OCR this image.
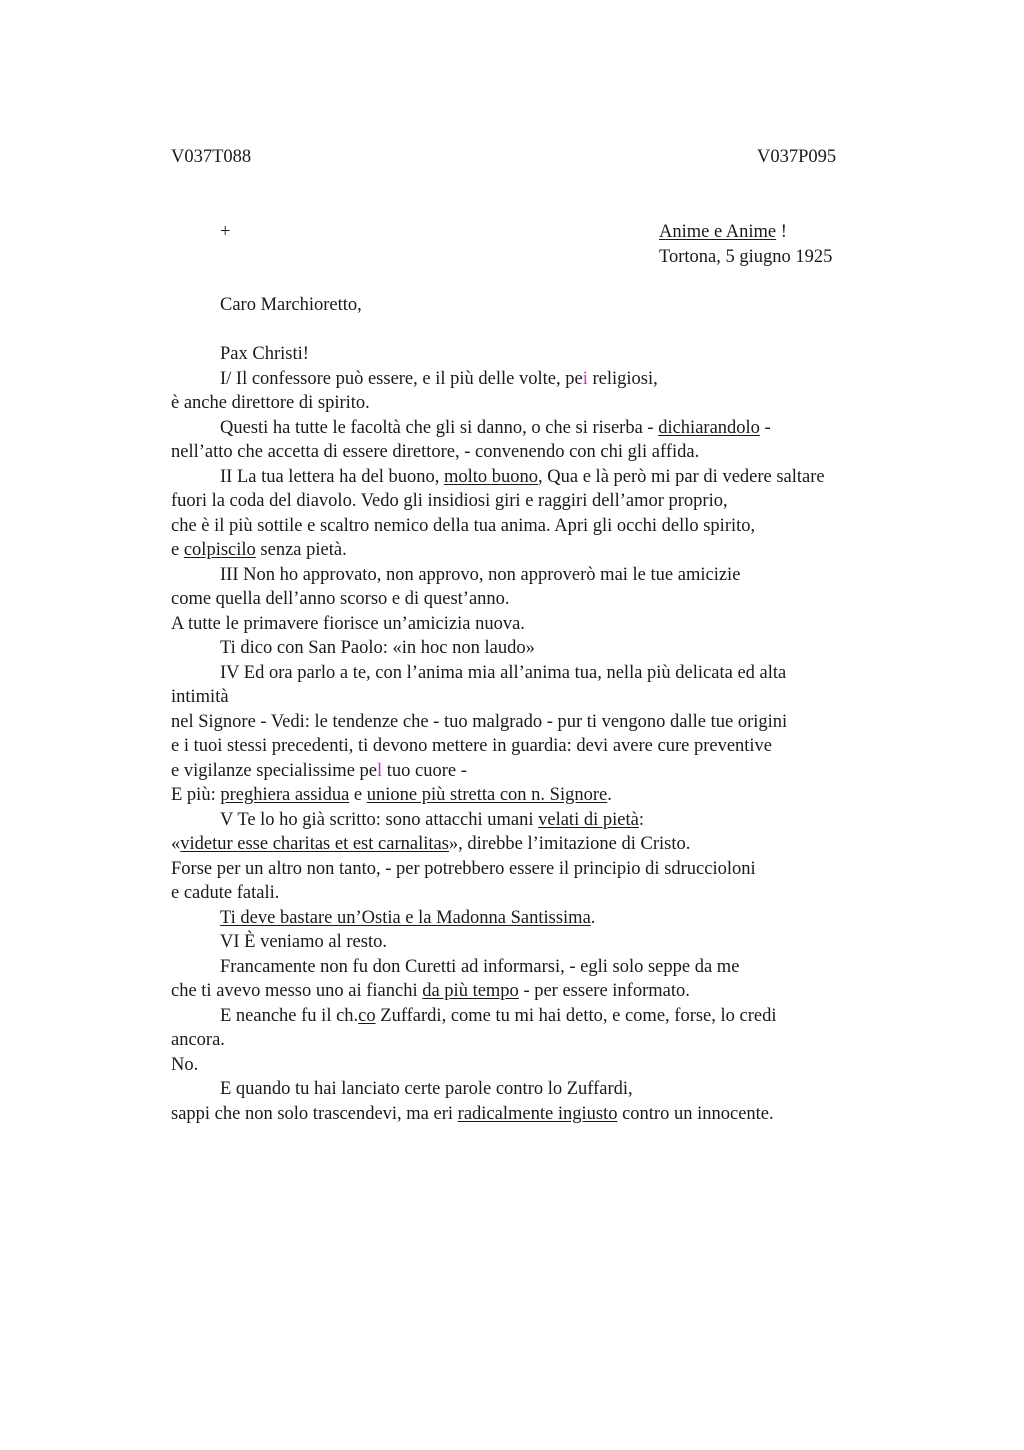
V037T088	V037P095
+	Anime e Anime !
Tortona, 5 giugno 1925
Caro Marchioretto,
Pax Christi!
I/ Il confessore può essere, e il più delle volte, pei religiosi,
è anche direttore di spirito.
Questi ha tutte le facoltà che gli si danno, o che si riserba - dichiarandolo -
nell’atto che accetta di essere direttore, - convenendo con chi gli affida.
II La tua lettera ha del buono, molto buono, Qua e là però mi par di vedere saltare
fuori la coda del diavolo. Vedo gli insidiosi giri e raggiri dell’amor proprio,
che è il più sottile e scaltro nemico della tua anima. Apri gli occhi dello spirito,
e colpiscilo senza pietà.
III Non ho approvato, non approvo, non approverò mai le tue amicizie
come quella dell’anno scorso e di quest’anno.
A tutte le primavere fiorisce un’amicizia nuova.
Ti dico con San Paolo: «in hoc non laudo»
IV Ed ora parlo a te, con l’anima mia all’anima tua, nella più delicata ed alta
intimità
nel Signore - Vedi: le tendenze che - tuo malgrado - pur ti vengono dalle tue origini
e i tuoi stessi precedenti, ti devono mettere in guardia: devi avere cure preventive
e vigilanze specialissime pel tuo cuore -
E più: preghiera assidua e unione più stretta con n. Signore.
V Te lo ho già scritto: sono attacchi umani velati di pietà:
«videtur esse charitas et est carnalitas», direbbe l’imitazione di Cristo.
Forse per un altro non tanto, - per potrebbero essere il principio di sdruccioloni
e cadute fatali.
Ti deve bastare un’Ostia e la Madonna Santissima.
VI È veniamo al resto.
Francamente non fu don Curetti ad informarsi, - egli solo seppe da me
che ti avevo messo uno ai fianchi da più tempo - per essere informato.
E neanche fu il ch.co Zuffardi, come tu mi hai detto, e come, forse, lo credi
ancora.
No.
E quando tu hai lanciato certe parole contro lo Zuffardi,
sappi che non solo trascendevi, ma eri radicalmente ingiusto contro un innocente.
